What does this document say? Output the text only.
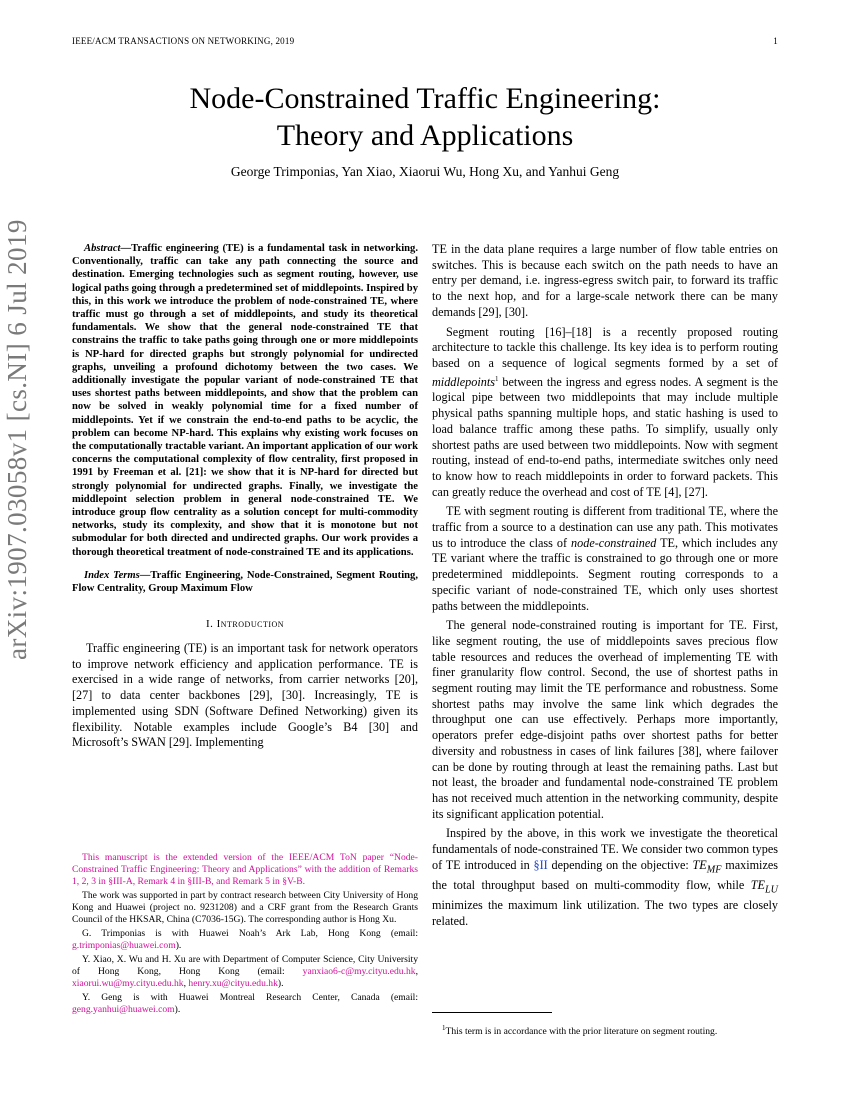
IEEE/ACM TRANSACTIONS ON NETWORKING, 2019	1
arXiv:1907.03058v1 [cs.NI] 6 Jul 2019
Node-Constrained Traffic Engineering:
Theory and Applications
George Trimponias, Yan Xiao, Xiaorui Wu, Hong Xu, and Yanhui Geng

Abstract—Traffic engineering (TE) is a fundamental task in networking. Conventionally, traffic can take any path connecting the source and destination. Emerging technologies such as segment routing, however, use logical paths going through a predetermined set of middlepoints. Inspired by this, in this work we introduce the problem of node-constrained TE, where traffic must go through a set of middlepoints, and study its theoretical fundamentals. We show that the general node-constrained TE that constrains the traffic to take paths going through one or more middlepoints is NP-hard for directed graphs but strongly polynomial for undirected graphs, unveiling a profound dichotomy between the two cases. We additionally investigate the popular variant of node-constrained TE that uses shortest paths between middlepoints, and show that the problem can now be solved in weakly polynomial time for a fixed number of middlepoints. Yet if we constrain the end-to-end paths to be acyclic, the problem can become NP-hard. This explains why existing work focuses on the computationally tractable variant. An important application of our work concerns the computational complexity of flow centrality, first proposed in 1991 by Freeman et al. [21]: we show that it is NP-hard for directed but strongly polynomial for undirected graphs. Finally, we investigate the middlepoint selection problem in general node-constrained TE. We introduce group flow centrality as a solution concept for multi-commodity networks, study its complexity, and show that it is monotone but not submodular for both directed and undirected graphs. Our work provides a thorough theoretical treatment of node-constrained TE and its applications.

Index Terms—Traffic Engineering, Node-Constrained, Segment Routing, Flow Centrality, Group Maximum Flow

I. Introduction

Traffic engineering (TE) is an important task for network operators to improve network efficiency and application performance. TE is exercised in a wide range of networks, from carrier networks [20], [27] to data center backbones [29], [30]. Increasingly, TE is implemented using SDN (Software Defined Networking) given its flexibility. Notable examples include Google’s B4 [30] and Microsoft’s SWAN [29]. Implementing

This manuscript is the extended version of the IEEE/ACM ToN paper “Node-Constrained Traffic Engineering: Theory and Applications” with the addition of Remarks 1, 2, 3 in §III-A, Remark 4 in §III-B, and Remark 5 in §V-B.

The work was supported in part by contract research between City University of Hong Kong and Huawei (project no. 9231208) and a CRF grant from the Research Grants Council of the HKSAR, China (C7036-15G). The corresponding author is Hong Xu.

G. Trimponias is with Huawei Noah’s Ark Lab, Hong Kong (email: g.trimponias@huawei.com).

Y. Xiao, X. Wu and H. Xu are with Department of Computer Science, City University of Hong Kong, Hong Kong (email: yanxiao6-c@my.cityu.edu.hk, xiaorui.wu@my.cityu.edu.hk, henry.xu@cityu.edu.hk).

Y. Geng is with Huawei Montreal Research Center, Canada (email: geng.yanhui@huawei.com).

TE in the data plane requires a large number of flow table entries on switches. This is because each switch on the path needs to have an entry per demand, i.e. ingress-egress switch pair, to forward its traffic to the next hop, and for a large-scale network there can be many demands [29], [30].

Segment routing [16]–[18] is a recently proposed routing architecture to tackle this challenge. Its key idea is to perform routing based on a sequence of logical segments formed by a set of middlepoints$^1$ between the ingress and egress nodes. A segment is the logical pipe between two middlepoints that may include multiple physical paths spanning multiple hops, and static hashing is used to load balance traffic among these paths. To simplify, usually only shortest paths are used between two middlepoints. Now with segment routing, instead of end-to-end paths, intermediate switches only need to know how to reach middlepoints in order to forward packets. This can greatly reduce the overhead and cost of TE [4], [27].

TE with segment routing is different from traditional TE, where the traffic from a source to a destination can use any path. This motivates us to introduce the class of node-constrained TE, which includes any TE variant where the traffic is constrained to go through one or more predetermined middlepoints. Segment routing corresponds to a specific variant of node-constrained TE, which only uses shortest paths between the middlepoints.

The general node-constrained routing is important for TE. First, like segment routing, the use of middlepoints saves precious flow table resources and reduces the overhead of implementing TE with finer granularity flow control. Second, the use of shortest paths in segment routing may limit the TE performance and robustness. Some shortest paths may involve the same link which degrades the throughput one can use effectively. Perhaps more importantly, operators prefer edge-disjoint paths over shortest paths for better diversity and robustness in cases of link failures [38], where failover can be done by routing through at least the remaining paths. Last but not least, the broader and fundamental node-constrained TE problem has not received much attention in the networking community, despite its significant application potential.

Inspired by the above, in this work we investigate the theoretical fundamentals of node-constrained TE. We consider two common types of TE introduced in §II depending on the objective: $TE_{MF}$ maximizes the total throughput based on multi-commodity flow, while $TE_{LU}$ minimizes the maximum link utilization. The two types are closely related.

$^1$This term is in accordance with the prior literature on segment routing.
